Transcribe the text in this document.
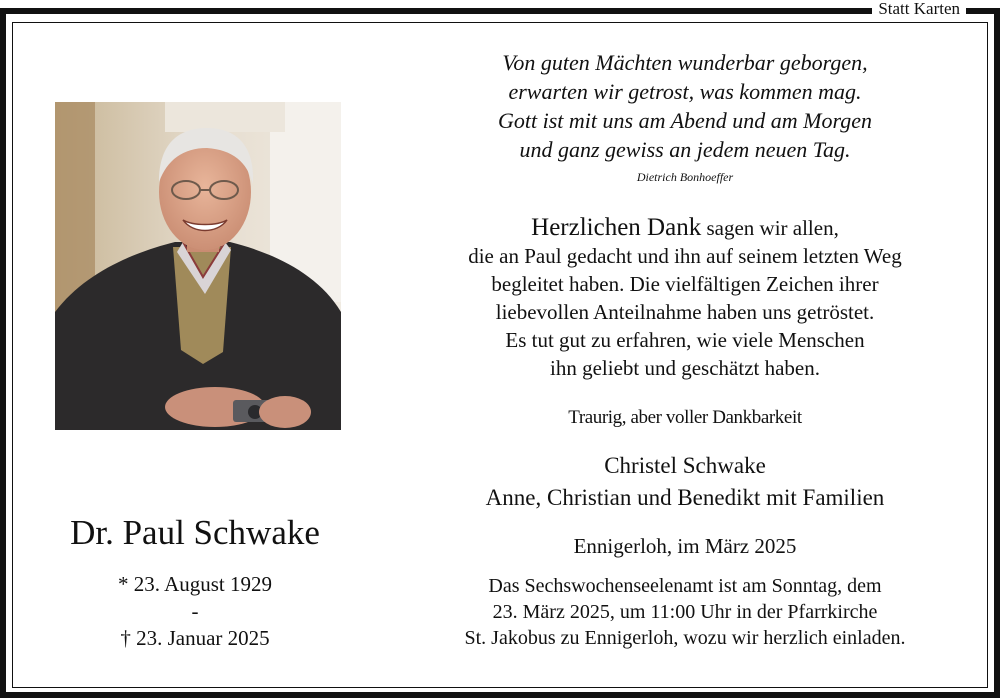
Statt Karten
Von guten Mächten wunderbar geborgen,
erwarten wir getrost, was kommen mag.
Gott ist mit uns am Abend und am Morgen
und ganz gewiss an jedem neuen Tag.
Dietrich Bonhoeffer
Herzlichen Dank sagen wir allen,
die an Paul gedacht und ihn auf seinem letzten Weg
begleitet haben. Die vielfältigen Zeichen ihrer
liebevollen Anteilnahme haben uns getröstet.
Es tut gut zu erfahren, wie viele Menschen
ihn geliebt und geschätzt haben.
Traurig, aber voller Dankbarkeit
Christel Schwake
Anne, Christian und Benedikt mit Familien
Ennigerloh, im März 2025
Das Sechswochenseelenamt ist am Sonntag, dem
23. März 2025, um 11:00 Uhr in der Pfarrkirche
St. Jakobus zu Ennigerloh, wozu wir herzlich einladen.
Dr. Paul Schwake
* 23. August 1929
-
† 23. Januar 2025
